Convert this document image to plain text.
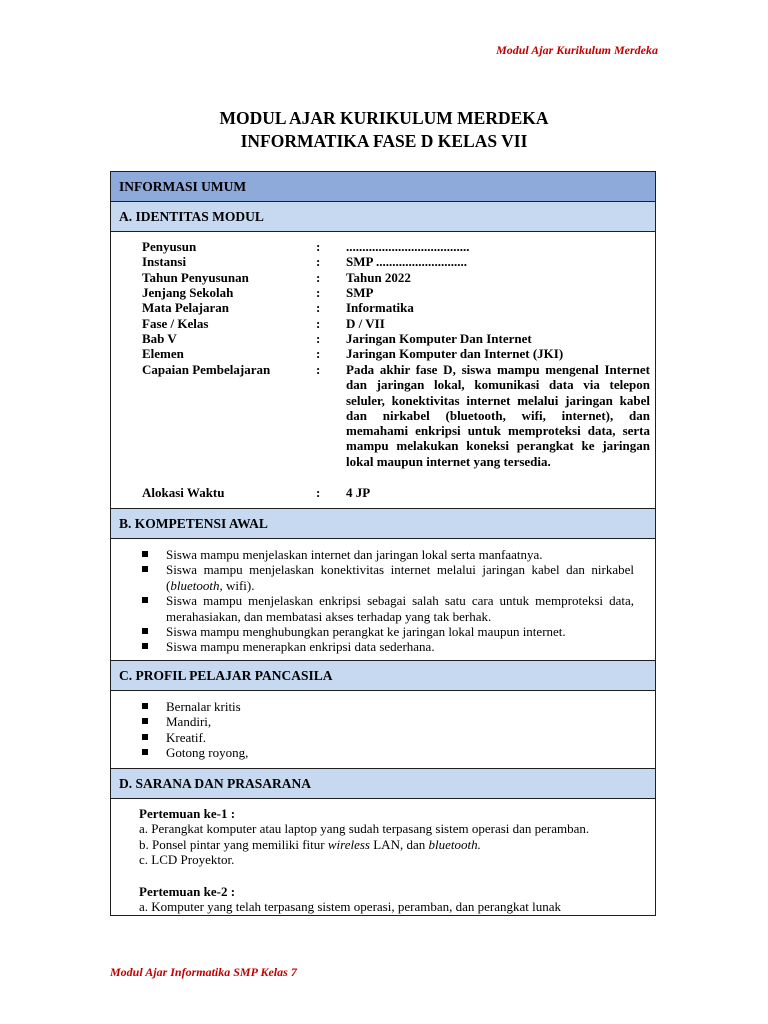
Modul Ajar Kurikulum Merdeka
MODUL AJAR KURIKULUM MERDEKA
INFORMATIKA FASE D KELAS VII
INFORMASI UMUM
A. IDENTITAS MODUL
Penyusun	: ......................................
Instansi	: SMP ............................
Tahun Penyusunan	: Tahun 2022
Jenjang Sekolah	: SMP
Mata Pelajaran	: Informatika
Fase / Kelas	: D / VII
Bab V	: Jaringan Komputer Dan Internet
Elemen	: Jaringan Komputer dan Internet (JKI)
Capaian Pembelajaran	: Pada akhir fase D, siswa mampu mengenal Internet dan jaringan lokal, komunikasi data via telepon seluler, konektivitas internet melalui jaringan kabel dan nirkabel (bluetooth, wifi, internet), dan memahami enkripsi untuk memproteksi data, serta mampu melakukan koneksi perangkat ke jaringan lokal maupun internet yang tersedia.
Alokasi Waktu	: 4 JP
B. KOMPETENSI AWAL
Siswa mampu menjelaskan internet dan jaringan lokal serta manfaatnya.
Siswa mampu menjelaskan konektivitas internet melalui jaringan kabel dan nirkabel (bluetooth, wifi).
Siswa mampu menjelaskan enkripsi sebagai salah satu cara untuk memproteksi data, merahasiakan, dan membatasi akses terhadap yang tak berhak.
Siswa mampu menghubungkan perangkat ke jaringan lokal maupun internet.
Siswa mampu menerapkan enkripsi data sederhana.
C. PROFIL PELAJAR PANCASILA
Bernalar kritis
Mandiri,
Kreatif.
Gotong royong,
D. SARANA DAN PRASARANA
Pertemuan ke-1 :
a. Perangkat komputer atau laptop yang sudah terpasang sistem operasi dan peramban.
b. Ponsel pintar yang memiliki fitur wireless LAN, dan bluetooth.
c. LCD Proyektor.
Pertemuan ke-2 :
a. Komputer yang telah terpasang sistem operasi, peramban, dan perangkat lunak
Modul Ajar Informatika SMP Kelas 7
